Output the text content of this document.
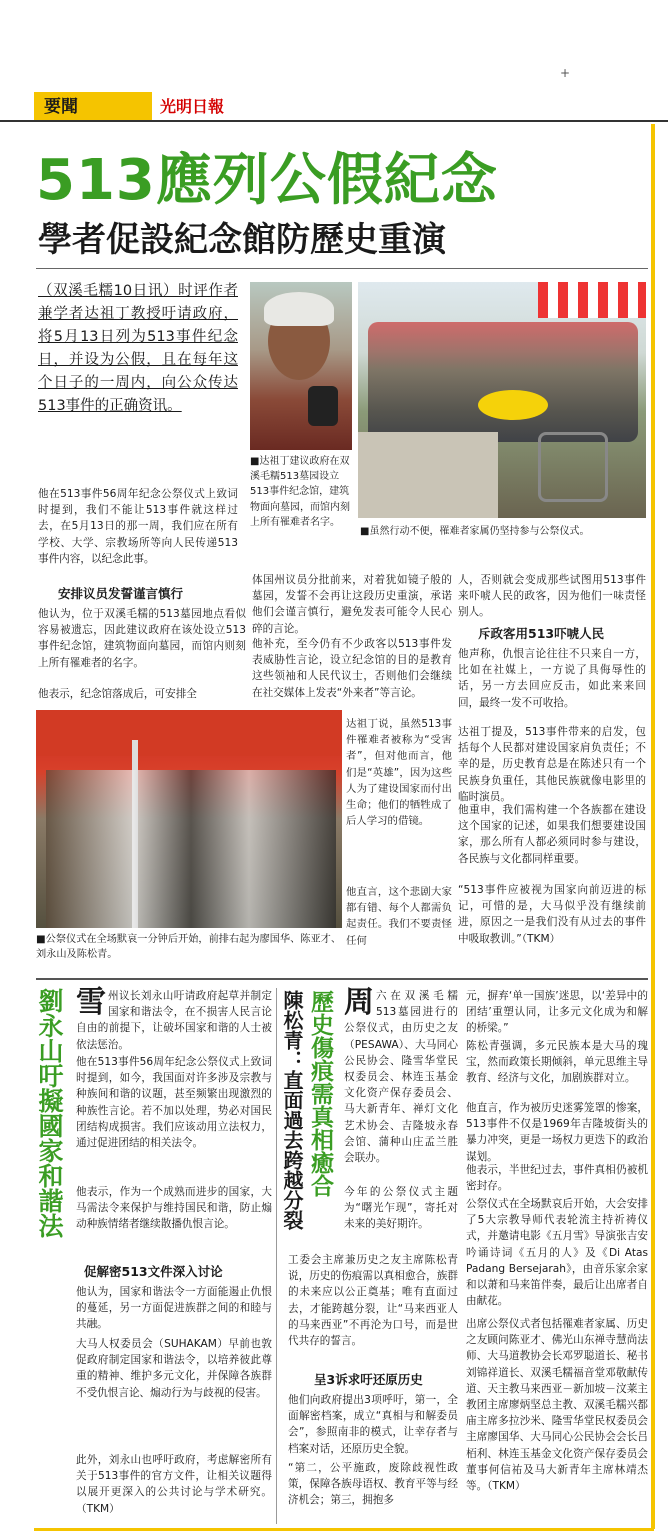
要聞	光明日報
+
513應列公假紀念
學者促設紀念館防歷史重演
（双溪毛糯10日讯）时评作者兼学者达祖丁教授吁请政府，将5月13日列为513事件纪念日，并设为公假，且在每年这个日子的一周内，向公众传达513事件的正确资讯。
■达祖丁建议政府在双溪毛糯513墓园设立513事件纪念馆，建筑物面向墓园，而馆内刻上所有罹难者名字。
■虽然行动不便，罹难者家属仍坚持参与公祭仪式。
他在513事件56周年纪念公祭仪式上致词时提到，我们不能让513事件就这样过去，在5月13日的那一周，我们应在所有学校、大学、宗教场所等向人民传递513事件内容，以纪念此事。
安排议员发誓谨言慎行
他认为，位于双溪毛糯的513墓园地点看似容易被遗忘，因此建议政府在该处设立513事件纪念馆，建筑物面向墓园，而馆内则刻上所有罹难者的名字。
他表示，纪念馆落成后，可安排全
体国州议员分批前来，对着犹如镜子般的墓园，发誓不会再让这段历史重演，承诺他们会谨言慎行，避免发表可能令人民心碎的言论。
他补充，至今仍有不少政客以513事件发表威胁性言论，设立纪念馆的目的是教育这些领袖和人民代议士，否则他们会继续在社交媒体上发表“外来者”等言论。
人，否则就会变成那些试图用513事件来吓唬人民的政客，因为他们一味责怪别人。
斥政客用513吓唬人民
他声称，仇恨言论往往不只来自一方，比如在社媒上，一方说了具侮辱性的话，另一方去回应反击，如此来来回回，最终一发不可收拾。
达祖丁提及，513事件带来的启发，包括每个人民都对建设国家肩负责任；不幸的是，历史教育总是在陈述只有一个民族身负重任，其他民族就像电影里的临时演员。
他重申，我们需构建一个各族都在建设这个国家的记述，如果我们想要建设国家，那么所有人都必须同时参与建设，各民族与文化都同样重要。
“513事件应被视为国家向前迈进的标记，可惜的是，大马似乎没有继续前进，原因之一是我们没有从过去的事件中吸取教训。”（TKM）
达祖丁说，虽然513事件罹难者被称为“受害者”，但对他而言，他们是“英雄”，因为这些人为了建设国家而付出生命；他们的牺牲成了后人学习的借镜。
他直言，这个悲剧大家都有错、每个人都需负起责任。我们不要责怪任何
■公祭仪式在全场默哀一分钟后开始，前排右起为廖国华、陈亚才、刘永山及陈松青。
劉永山吁擬國家和諧法 雪州议长刘永山吁请政府起草并制定国家和谐法令，在不损害人民言论自由的前提下，让破坏国家和谐的人士被依法惩治。
他在513事件56周年纪念公祭仪式上致词时提到，如今，我国面对许多涉及宗教与种族间和谐的议题，甚至频繁出现激烈的种族性言论。若不加以处理，势必对国民团结构成损害。我们应该动用立法权力，通过促进团结的相关法令。
他表示，作为一个成熟而进步的国家，大马需法令来保护与维持国民和谐，防止煽动种族情绪者继续散播仇恨言论。
促解密513文件深入讨论
他认为，国家和谐法令一方面能遏止仇恨的蔓延，另一方面促进族群之间的和睦与共融。
大马人权委员会（SUHAKAM）早前也敦促政府制定国家和谐法令，以培养彼此尊重的精神、维护多元文化，并保障各族群不受仇恨言论、煽动行为与歧视的侵害。
此外，刘永山也呼吁政府，考虑解密所有关于513事件的官方文件，让相关议题得以展开更深入的公共讨论与学术研究。（TKM）
陳松青：直面過去跨越分裂 歷史傷痕需真相癒合 周六在双溪毛糯513墓园进行的公祭仪式，由历史之友（PESAWA）、大马同心公民协会、隆雪华堂民权委员会、林连玉基金文化资产保存委员会、马大新青年、禅灯文化艺术协会、吉隆坡永春会馆、蒲种山庄孟兰胜会联办。
今年的公祭仪式主题为“曙光乍现”，寄托对未来的美好期许。
工委会主席兼历史之友主席陈松青说，历史的伤痕需以真相愈合，族群的未来应以公正奠基；唯有直面过去，才能跨越分裂，让“马来西亚人的马来西亚”不再沦为口号，而是世代共存的誓言。
呈3诉求吁还原历史
他们向政府提出3项呼吁，第一，全面解密档案，成立“真相与和解委员会”，参照南非的模式，让幸存者与档案对话，还原历史全貌。
“第二，公平施政，废除歧视性政策，保障各族母语权、教育平等与经济机会；第三，拥抱多
元，摒弃‘单一国族’迷思，以‘差异中的团结’重塑认同，让多元文化成为和解的桥梁。”
陈松青强调，多元民族本是大马的瑰宝，然而政策长期倾斜，单元思维主导教育、经济与文化，加剧族群对立。
他直言，作为被历史迷雾笼罩的惨案，513事件不仅是1969年吉隆坡街头的暴力冲突，更是一场权力更迭下的政治谋划。
他表示，半世纪过去，事件真相仍被机密封存。
公祭仪式在全场默哀后开始，大会安排了5大宗教导师代表轮流主持祈祷仪式，并邀请电影《五月雪》导演张吉安吟诵诗词《五月的人》及《Di Atas Padang Bersejarah》，由音乐家余家和以萧和马来笛伴奏，最后让出席者自由献花。
出席公祭仪式者包括罹难者家属、历史之友顾问陈亚才、佛光山东禅寺慧尚法师、大马道教协会长邓罗聪道长、秘书刘锦祥道长、双溪毛糯福音堂邓敬献传道、天主教马来西亚－新加坡－汶莱主教团主席廖炳坚总主教、双溪毛糯兴都庙主席多拉沙米、隆雪华堂民权委员会主席廖国华、大马同心公民协会会长吕栢利、林连玉基金文化资产保存委员会董事何信祐及马大新青年主席林靖杰等。（TKM）
